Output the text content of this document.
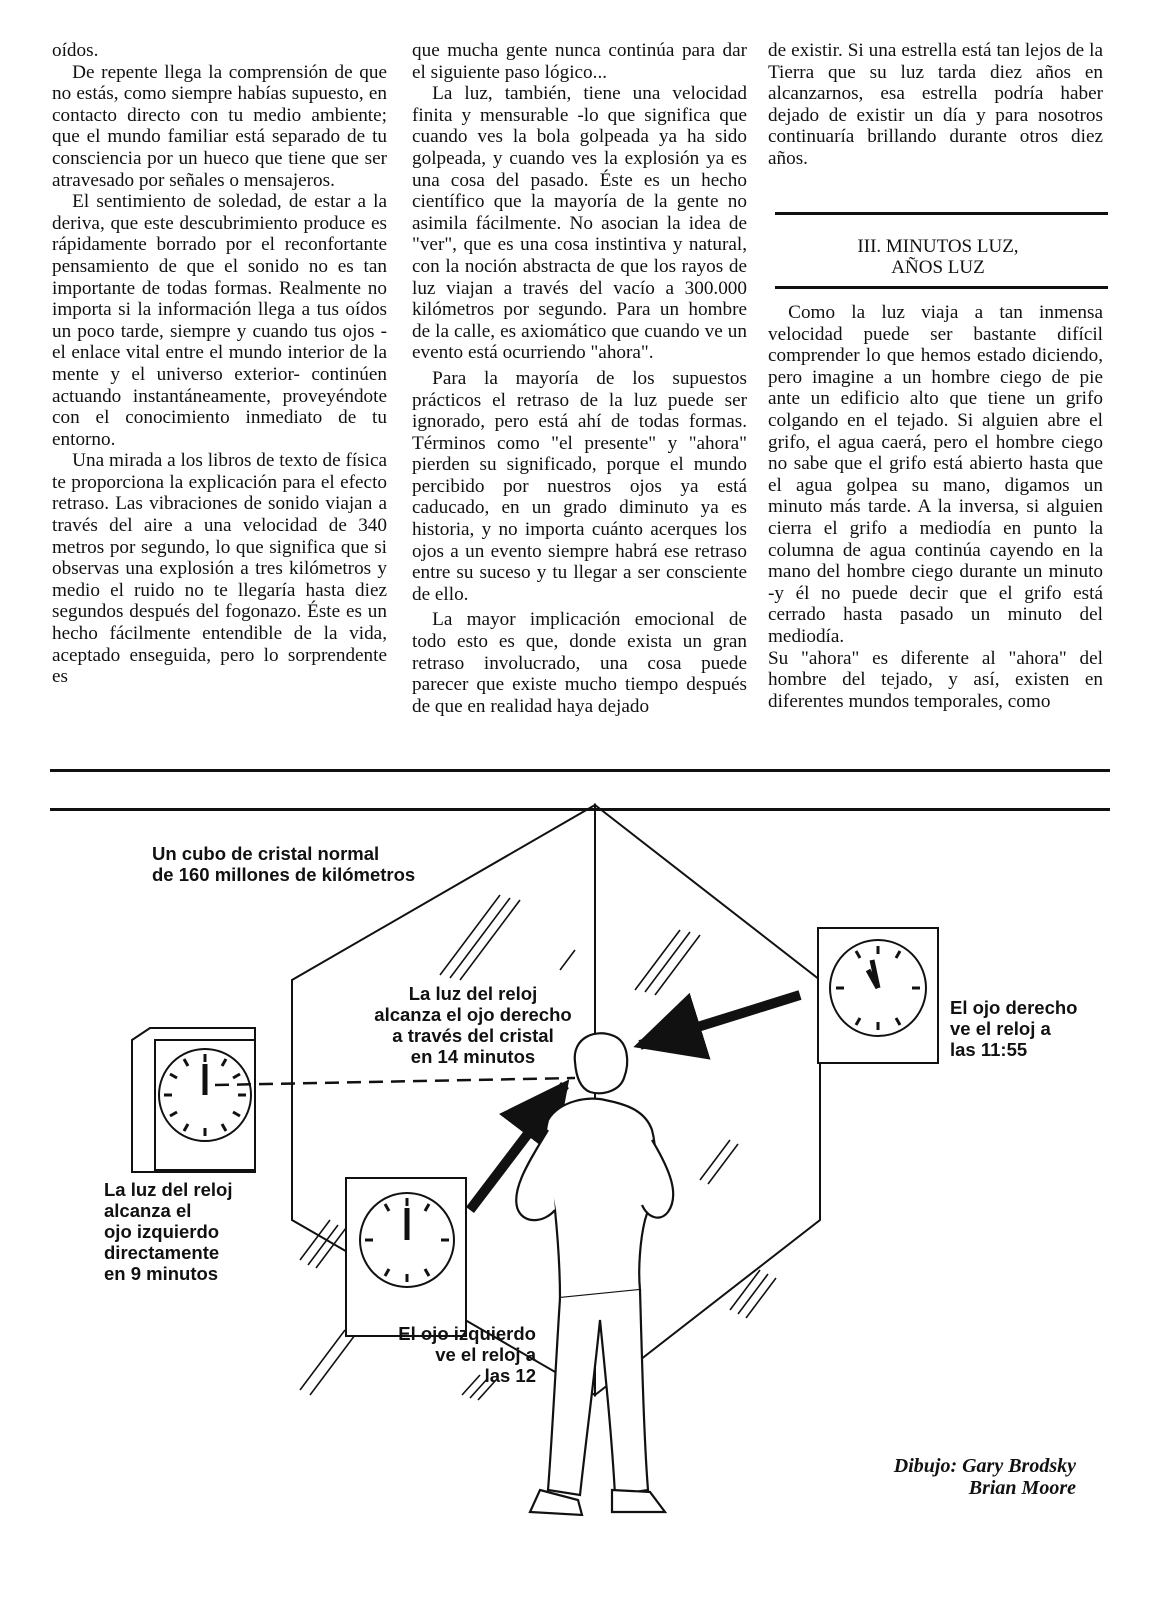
oídos.

De repente llega la comprensión de que no estás, como siempre habías supuesto, en contacto directo con tu medio ambiente; que el mundo familiar está separado de tu consciencia por un hueco que tiene que ser atravesado por señales o mensajeros.

El sentimiento de soledad, de estar a la deriva, que este descubrimiento produce es rápidamente borrado por el reconfortante pensamiento de que el sonido no es tan importante de todas formas. Realmente no importa si la información llega a tus oídos un poco tarde, siempre y cuando tus ojos -el enlace vital entre el mundo interior de la mente y el universo exterior- continúen actuando instantáneamente, proveyéndote con el conocimiento inmediato de tu entorno.

Una mirada a los libros de texto de física te proporciona la explicación para el efecto retraso. Las vibraciones de sonido viajan a través del aire a una velocidad de 340 metros por segundo, lo que significa que si observas una explosión a tres kilómetros y medio el ruido no te llegaría hasta diez segundos después del fogonazo. Éste es un hecho fácilmente entendible de la vida, aceptado enseguida, pero lo sorprendente es

que mucha gente nunca continúa para dar el siguiente paso lógico...

La luz, también, tiene una velocidad finita y mensurable -lo que significa que cuando ves la bola golpeada ya ha sido golpeada, y cuando ves la explosión ya es una cosa del pasado. Éste es un hecho científico que la mayoría de la gente no asimila fácilmente. No asocian la idea de "ver", que es una cosa instintiva y natural, con la noción abstracta de que los rayos de luz viajan a través del vacío a 300.000 kilómetros por segundo. Para un hombre de la calle, es axiomático que cuando ve un evento está ocurriendo "ahora".

Para la mayoría de los supuestos prácticos el retraso de la luz puede ser ignorado, pero está ahí de todas formas. Términos como "el presente" y "ahora" pierden su significado, porque el mundo percibido por nuestros ojos ya está caducado, en un grado diminuto ya es historia, y no importa cuánto acerques los ojos a un evento siempre habrá ese retraso entre su suceso y tu llegar a ser consciente de ello.

La mayor implicación emocional de todo esto es que, donde exista un gran retraso involucrado, una cosa puede parecer que existe mucho tiempo después de que en realidad haya dejado

de existir. Si una estrella está tan lejos de la Tierra que su luz tarda diez años en alcanzarnos, esa estrella podría haber dejado de existir un día y para nosotros continuaría brillando durante otros diez años.

III. MINUTOS LUZ,
AÑOS LUZ

Como la luz viaja a tan inmensa velocidad puede ser bastante difícil comprender lo que hemos estado diciendo, pero imagine a un hombre ciego de pie ante un edificio alto que tiene un grifo colgando en el tejado. Si alguien abre el grifo, el agua caerá, pero el hombre ciego no sabe que el grifo está abierto hasta que el agua golpea su mano, digamos un minuto más tarde. A la inversa, si alguien cierra el grifo a mediodía en punto la columna de agua continúa cayendo en la mano del hombre ciego durante un minuto -y él no puede decir que el grifo está cerrado hasta pasado un minuto del mediodía.

Su "ahora" es diferente al "ahora" del hombre del tejado, y así, existen en diferentes mundos temporales, como

Un cubo de cristal normal
de 160 millones de kilómetros
La luz del reloj
alcanza el ojo derecho
a través del cristal
en 14 minutos
El ojo derecho
ve el reloj a
las 11:55
La luz del reloj
alcanza el
ojo izquierdo
directamente
en 9 minutos
El ojo izquierdo
ve el reloj a
las 12
Dibujo: Gary Brodsky
Brian Moore
